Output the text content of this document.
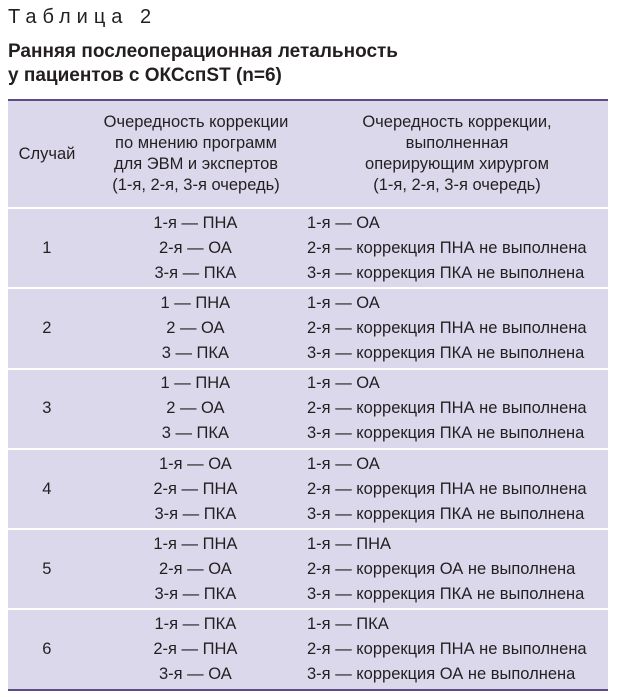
Таблица 2
Ранняя послеоперационная летальность
у пациентов с ОКСспST (n=6)
Случай
Очередность коррекции
по мнению программ
для ЭВМ и экспертов
(1-я, 2-я, 3-я очередь)
Очередность коррекции,
выполненная
оперирующим хирургом
(1-я, 2-я, 3-я очередь)
1
1-я — ПНА
2-я — ОА
3-я — ПКА
1-я — ОА
2-я — коррекция ПНА не выполнена
3-я — коррекция ПКА не выполнена
2
1 — ПНА
2 — ОА
3 — ПКА
1-я — ОА
2-я — коррекция ПНА не выполнена
3-я — коррекция ПКА не выполнена
3
1 — ПНА
2 — ОА
3 — ПКА
1-я — ОА
2-я — коррекция ПНА не выполнена
3-я — коррекция ПКА не выполнена
4
1-я — ОА
2-я — ПНА
3-я — ПКА
1-я — ОА
2-я — коррекция ПНА не выполнена
3-я — коррекция ПКА не выполнена
5
1-я — ПНА
2-я — ОА
3-я — ПКА
1-я — ПНА
2-я — коррекция ОА не выполнена
3-я — коррекция ПКА не выполнена
6
1-я — ПКА
2-я — ПНА
3-я — ОА
1-я — ПКА
2-я — коррекция ПНА не выполнена
3-я — коррекция ОА не выполнена
